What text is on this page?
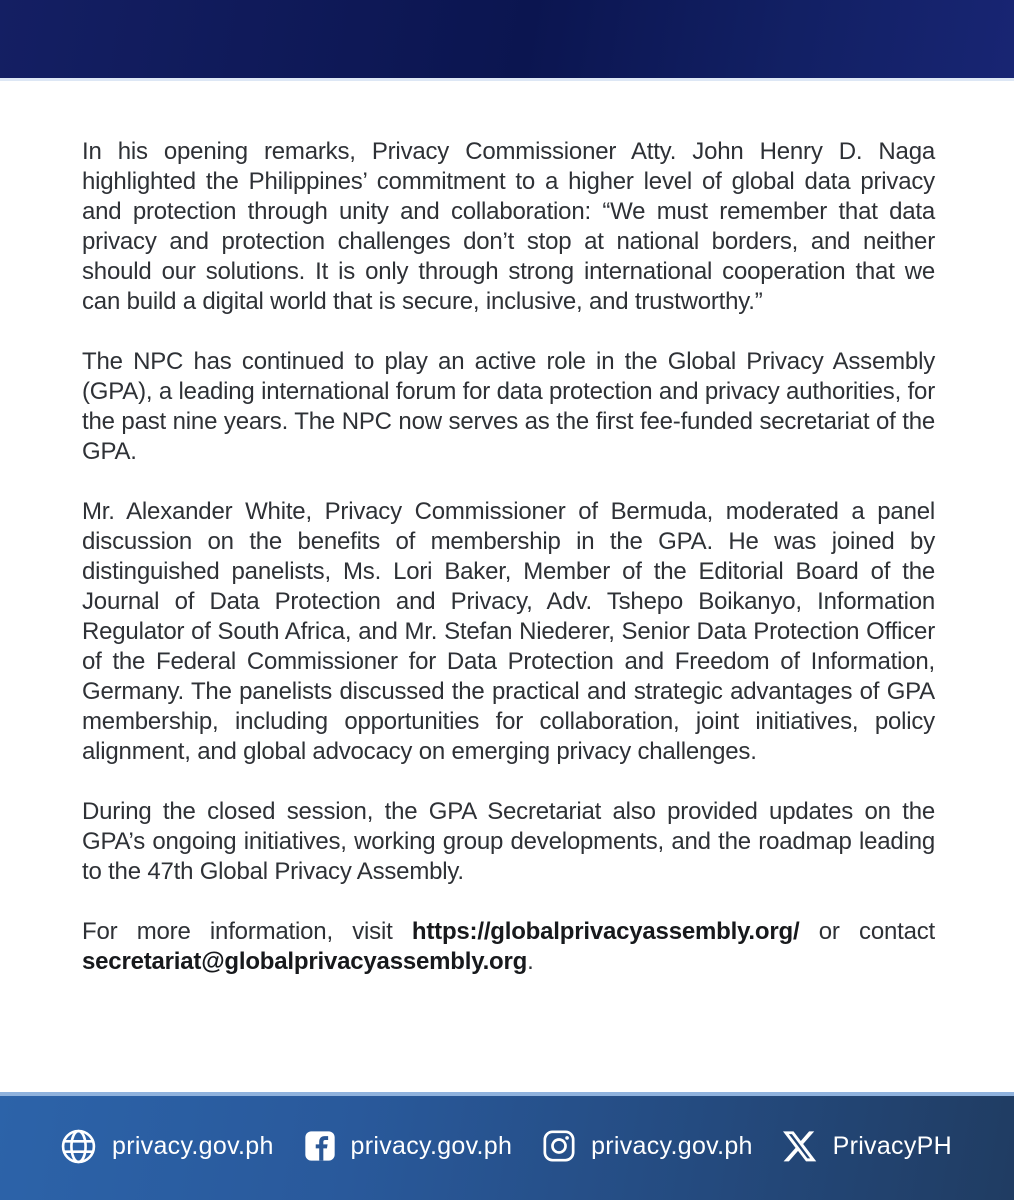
In his opening remarks, Privacy Commissioner Atty. John Henry D. Naga highlighted the Philippines’ commitment to a higher level of global data privacy and protection through unity and collaboration: “We must remember that data privacy and protection challenges don’t stop at national borders, and neither should our solutions. It is only through strong international cooperation that we can build a digital world that is secure, inclusive, and trustworthy.”

The NPC has continued to play an active role in the Global Privacy Assembly (GPA), a leading international forum for data protection and privacy authorities, for the past nine years. The NPC now serves as the first fee-funded secretariat of the GPA.

Mr. Alexander White, Privacy Commissioner of Bermuda, moderated a panel discussion on the benefits of membership in the GPA. He was joined by distinguished panelists, Ms. Lori Baker, Member of the Editorial Board of the Journal of Data Protection and Privacy, Adv. Tshepo Boikanyo, Information Regulator of South Africa, and Mr. Stefan Niederer, Senior Data Protection Officer of the Federal Commissioner for Data Protection and Freedom of Information, Germany. The panelists discussed the practical and strategic advantages of GPA membership, including opportunities for collaboration, joint initiatives, policy alignment, and global advocacy on emerging privacy challenges.

During the closed session, the GPA Secretariat also provided updates on the GPA’s ongoing initiatives, working group developments, and the roadmap leading to the 47th Global Privacy Assembly.

For more information, visit https://globalprivacyassembly.org/ or contact secretariat@globalprivacyassembly.org.

privacy.gov.ph	privacy.gov.ph	privacy.gov.ph	PrivacyPH
